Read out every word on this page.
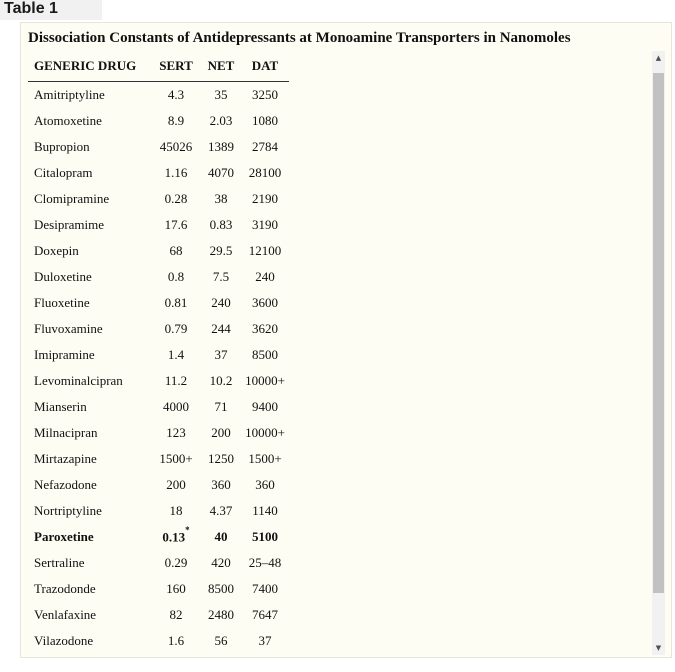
Table 1
Dissociation Constants of Antidepressants at Monoamine Transporters in Nanomoles
GENERIC DRUG	SERT	NET	DAT
Amitriptyline	4.3	35	3250
Atomoxetine	8.9	2.03	1080
Bupropion	45026	1389	2784
Citalopram	1.16	4070	28100
Clomipramine	0.28	38	2190
Desipramime	17.6	0.83	3190
Doxepin	68	29.5	12100
Duloxetine	0.8	7.5	240
Fluoxetine	0.81	240	3600
Fluvoxamine	0.79	244	3620
Imipramine	1.4	37	8500
Levominalcipran	11.2	10.2	10000+
Mianserin	4000	71	9400
Milnacipran	123	200	10000+
Mirtazapine	1500+	1250	1500+
Nefazodone	200	360	360
Nortriptyline	18	4.37	1140
Paroxetine	0.13*	40	5100
Sertraline	0.29	420	25–48
Trazodonde	160	8500	7400
Venlafaxine	82	2480	7647
Vilazodone	1.6	56	37
▲
▼
